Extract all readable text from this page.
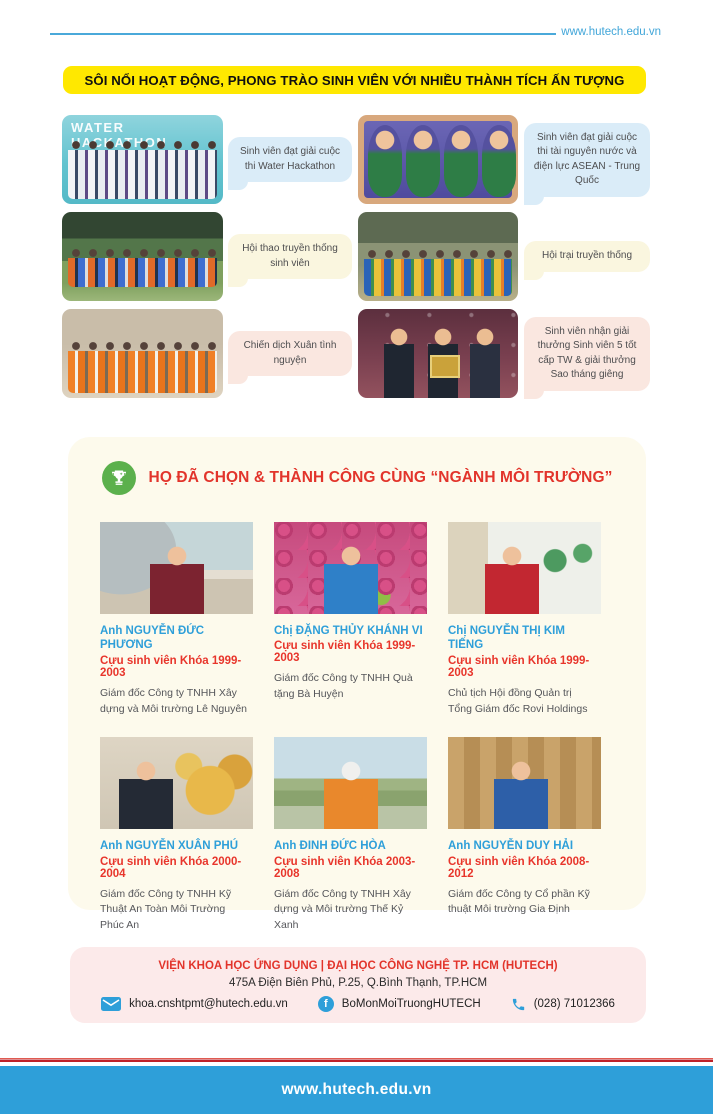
www.hutech.edu.vn
SÔI NỔI HOẠT ĐỘNG, PHONG TRÀO SINH VIÊN VỚI NHIỀU THÀNH TÍCH ẤN TƯỢNG
WATER HACKATHON
Sinh viên đạt giải cuộc thi Water Hackathon
Sinh viên đạt giải cuộc thi tài nguyên nước và điện lực ASEAN - Trung Quốc
Hội thao truyền thống sinh viên
Hội trại truyền thống
Chiến dịch Xuân tình nguyện
Sinh viên nhận giải thưởng Sinh viên 5 tốt cấp TW & giải thưởng Sao tháng giêng
HỌ ĐÃ CHỌN & THÀNH CÔNG CÙNG “NGÀNH MÔI TRƯỜNG”
Anh NGUYỄN ĐỨC PHƯƠNG
Cựu sinh viên Khóa 1999-2003
Giám đốc Công ty TNHH Xây dựng và Môi trường Lê Nguyên
Chị ĐẶNG THỦY KHÁNH VI
Cựu sinh viên Khóa 1999-2003
Giám đốc Công ty TNHH Quà tặng Bà Huyện
Chị NGUYỄN THỊ KIM TIẾNG
Cựu sinh viên Khóa 1999-2003
Chủ tịch Hội đồng Quản trị Tổng Giám đốc Rovi Holdings
Anh NGUYỄN XUÂN PHÚ
Cựu sinh viên Khóa 2000-2004
Giám đốc Công ty TNHH Kỹ Thuật An Toàn Môi Trường Phúc An
Anh ĐINH ĐỨC HÒA
Cựu sinh viên Khóa 2003-2008
Giám đốc Công ty TNHH Xây dựng và Môi trường Thế Kỷ Xanh
Anh NGUYỄN DUY HẢI
Cựu sinh viên Khóa 2008-2012
Giám đốc Công ty Cổ phần Kỹ thuật Môi trường Gia Định
VIỆN KHOA HỌC ỨNG DỤNG | ĐẠI HỌC CÔNG NGHỆ TP. HCM (HUTECH)
475A Điện Biên Phủ, P.25, Q.Bình Thạnh, TP.HCM
khoa.cnshtpmt@hutech.edu.vn	f	BoMonMoiTruongHUTECH	(028) 71012366
www.hutech.edu.vn
